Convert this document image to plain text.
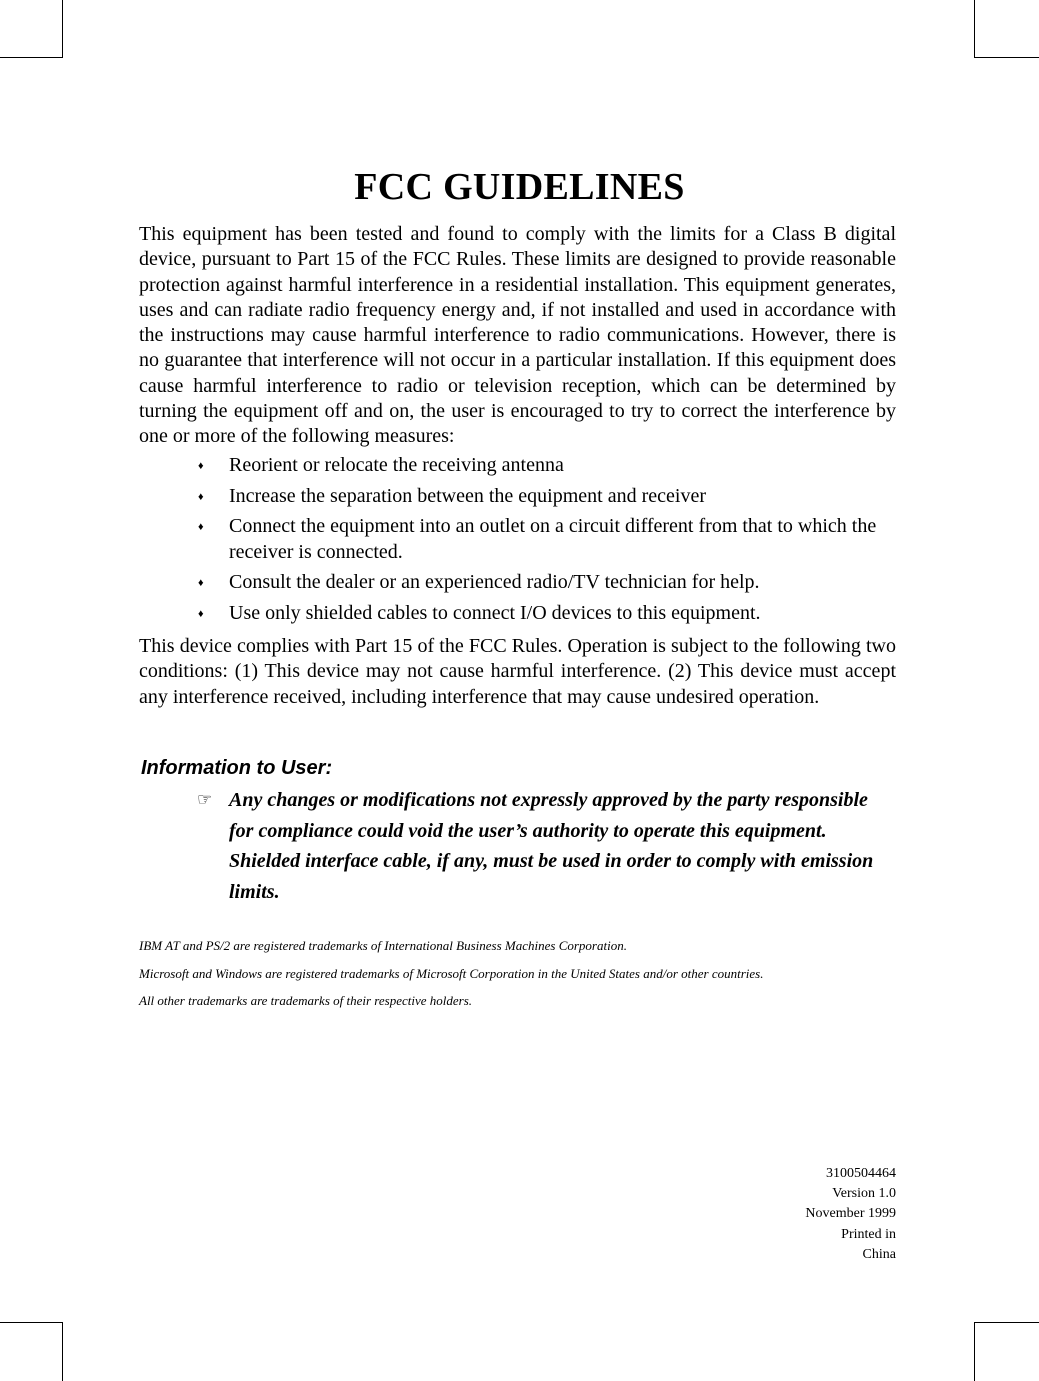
FCC GUIDELINES

This equipment has been tested and found to comply with the limits for a Class B digital device, pursuant to Part 15 of the FCC Rules. These limits are designed to provide reasonable protection against harmful interference in a residential installation. This equipment generates, uses and can radiate radio frequency energy and, if not installed and used in accordance with the instructions may cause harmful interference to radio communications. However, there is no guarantee that interference will not occur in a particular installation. If this equipment does cause harmful interference to radio or television reception, which can be determined by turning the equipment off and on, the user is encouraged to try to correct the interference by one or more of the following measures:

♦ Reorient or relocate the receiving antenna
♦ Increase the separation between the equipment and receiver
♦ Connect the equipment into an outlet on a circuit different from that to which the receiver is connected.
♦ Consult the dealer or an experienced radio/TV technician for help.
♦ Use only shielded cables to connect I/O devices to this equipment.

This device complies with Part 15 of the FCC Rules. Operation is subject to the following two conditions: (1) This device may not cause harmful interference. (2) This device must accept any interference received, including interference that may cause undesired operation.

Information to User:
☞ Any changes or modifications not expressly approved by the party responsible for compliance could void the user’s authority to operate this equipment. Shielded interface cable, if any, must be used in order to comply with emission limits.

IBM AT and PS/2 are registered trademarks of International Business Machines Corporation.

Microsoft and Windows are registered trademarks of Microsoft Corporation in the United States and/or other countries.

All other trademarks are trademarks of their respective holders.

3100504464
Version 1.0
November 1999
Printed in
China
